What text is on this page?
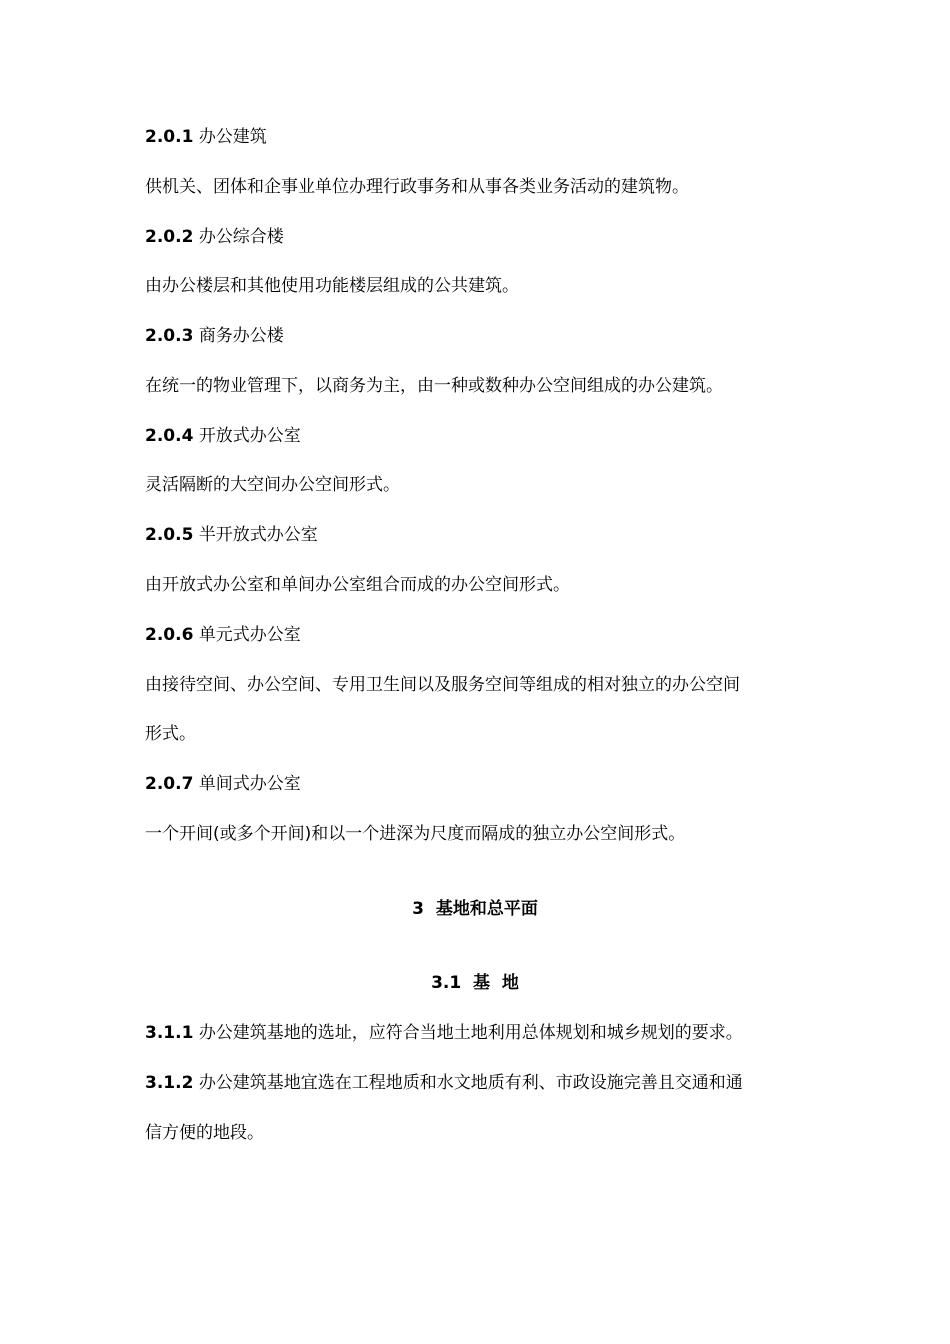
2.0.1 办公建筑
供机关、团体和企事业单位办理行政事务和从事各类业务活动的建筑物。
2.0.2 办公综合楼
由办公楼层和其他使用功能楼层组成的公共建筑。
2.0.3 商务办公楼
在统一的物业管理下，以商务为主，由一种或数种办公空间组成的办公建筑。
2.0.4 开放式办公室
灵活隔断的大空间办公空间形式。
2.0.5 半开放式办公室
由开放式办公室和单间办公室组合而成的办公空间形式。
2.0.6 单元式办公室
由接待空间、办公空间、专用卫生间以及服务空间等组成的相对独立的办公空间
形式。
2.0.7 单间式办公室
一个开间(或多个开间)和以一个进深为尺度而隔成的独立办公空间形式。
3  基地和总平面
3.1  基  地
3.1.1 办公建筑基地的选址，应符合当地土地利用总体规划和城乡规划的要求。
3.1.2 办公建筑基地宜选在工程地质和水文地质有利、市政设施完善且交通和通
信方便的地段。
